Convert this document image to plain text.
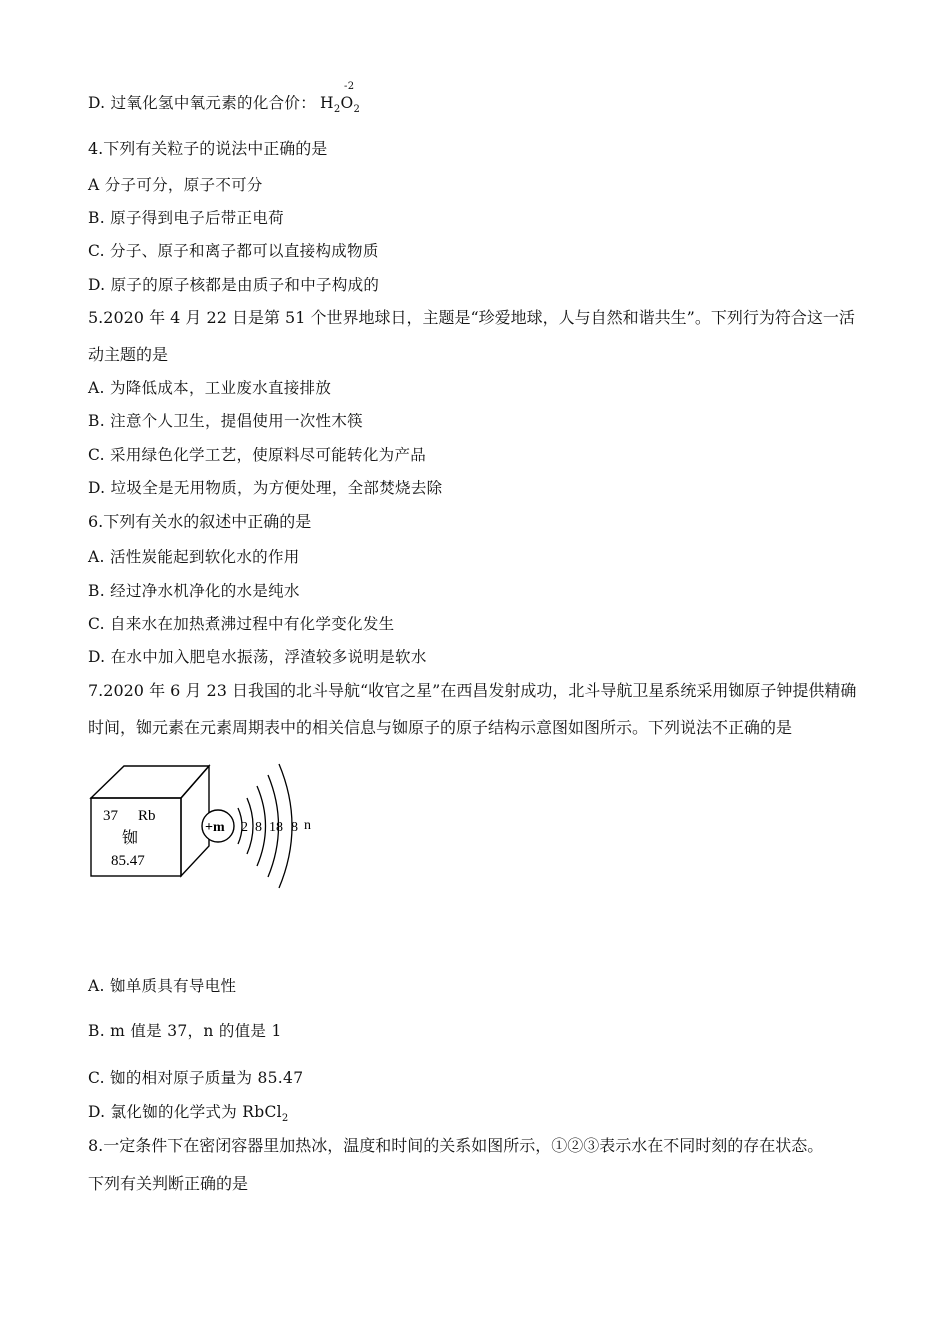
D. 过氧化氢中氧元素的化合价： $H_2O_2$
-2
4.下列有关粒子的说法中正确的是
A 分子可分，原子不可分
B. 原子得到电子后带正电荷
C. 分子、原子和离子都可以直接构成物质
D. 原子的原子核都是由质子和中子构成的
5.2020 年 4 月 22 日是第 51 个世界地球日，主题是“珍爱地球，人与自然和谐共生”。下列行为符合这一活
动主题的是
A. 为降低成本，工业废水直接排放
B. 注意个人卫生，提倡使用一次性木筷
C. 采用绿色化学工艺，使原料尽可能转化为产品
D. 垃圾全是无用物质，为方便处理，全部焚烧去除
6.下列有关水的叙述中正确的是
A. 活性炭能起到软化水的作用
B. 经过净水机净化的水是纯水
C. 自来水在加热煮沸过程中有化学变化发生
D. 在水中加入肥皂水振荡，浮渣较多说明是软水
7.2020 年 6 月 23 日我国的北斗导航“收官之星”在西昌发射成功，北斗导航卫星系统采用铷原子钟提供精确
时间，铷元素在元素周期表中的相关信息与铷原子的原子结构示意图如图所示。下列说法不正确的是
37 Rb
铷
85.47
+m 2 8 18 8 n
A. 铷单质具有导电性
B. m 值是 37，n 的值是 1
C. 铷的相对原子质量为 85.47
D. 氯化铷的化学式为 RbCl$_2$
8.一定条件下在密闭容器里加热冰，温度和时间的关系如图所示，①②③表示水在不同时刻的存在状态。
下列有关判断正确的是
